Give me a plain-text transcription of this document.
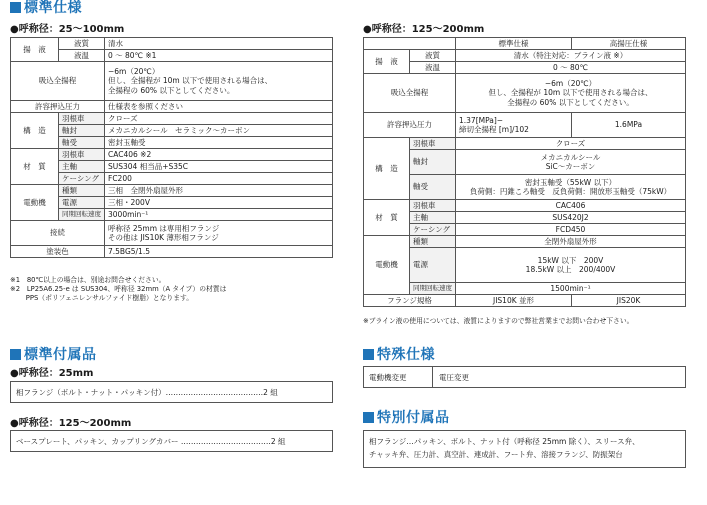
標準仕様
●呼称径：25～100mm
揚　液	液質	清水
	液温	0 ～ 80℃ ※1
吸込全揚程		−6m（20℃）
但し、全揚程が 10m 以下で使用される場合は、
全揚程の 60% 以下としてください。

許容押込圧力		仕様表を参照ください
構　造	羽根車	クローズ
	軸封	メカニカルシール　セラミック〜カーボン
	軸受	密封玉軸受
材　質	羽根車	CAC406 ※2
	主軸	SUS304 相当品+S35C
	ケーシング	FC200
電動機	種類	三相　全閉外扇屋外形
	電源	三相・200V
	同期回転速度	3000min⁻¹
接続		呼称径 25mm は専用相フランジ
その他は JIS10K 薄形相フランジ

塗装色		7.5BG5/1.5
※1　80℃以上の場合は、別途お問合せください。
※2　LP25A6.25-e は SUS304、呼称径 32mm（A タイプ）の材質は
　　 PPS（ポリフェニレンサルファイド樹脂）となります。
●呼称径：125～200mm
		標準仕様	高揚圧仕様
揚　液	液質	清水（特注対応：ブライン液 ※）	
	液温	0 ～ 80℃	
吸込全揚程		−6m（20℃）
但し、全揚程が 10m 以下で使用される場合は、
全揚程の 60% 以下としてください。	

許容押込圧力		1.37[MPa]−
締切全揚程 [m]/102	1.6MPa
構　造	羽根車	クローズ	
	軸封	メカニカルシール
SiC〜カーボン	

	軸受	密封玉軸受（55kW 以下）
負荷側：円錐ころ軸受　反負荷側：開放形玉軸受（75kW）	

材　質	羽根車	CAC406	
	主軸	SUS420J2	
	ケーシング	FCD450	
電動機	種類	全閉外扇屋外形	
	電源	15kW 以下　200V
18.5kW 以上　200/400V	

	同期回転速度	1500min⁻¹	
フランジ規格		JIS10K 並形	JIS20K
※ブライン液の使用については、液質によりますので弊社営業までお問い合わせ下さい。
標準付属品
●呼称径：25mm
相フランジ（ボルト・ナット・パッキン付）…………………………………2 組
●呼称径：125～200mm
ベースプレート、パッキン、カップリングカバー ………………………………2 組
特殊仕様
電動機変更	電圧変更
特別付属品
相フランジ…パッキン、ボルト、ナット付（呼称径 25mm 除く）、スリース弁、
チャッキ弁、圧力計、真空計、連成計、フート弁、溶接フランジ、防振架台
